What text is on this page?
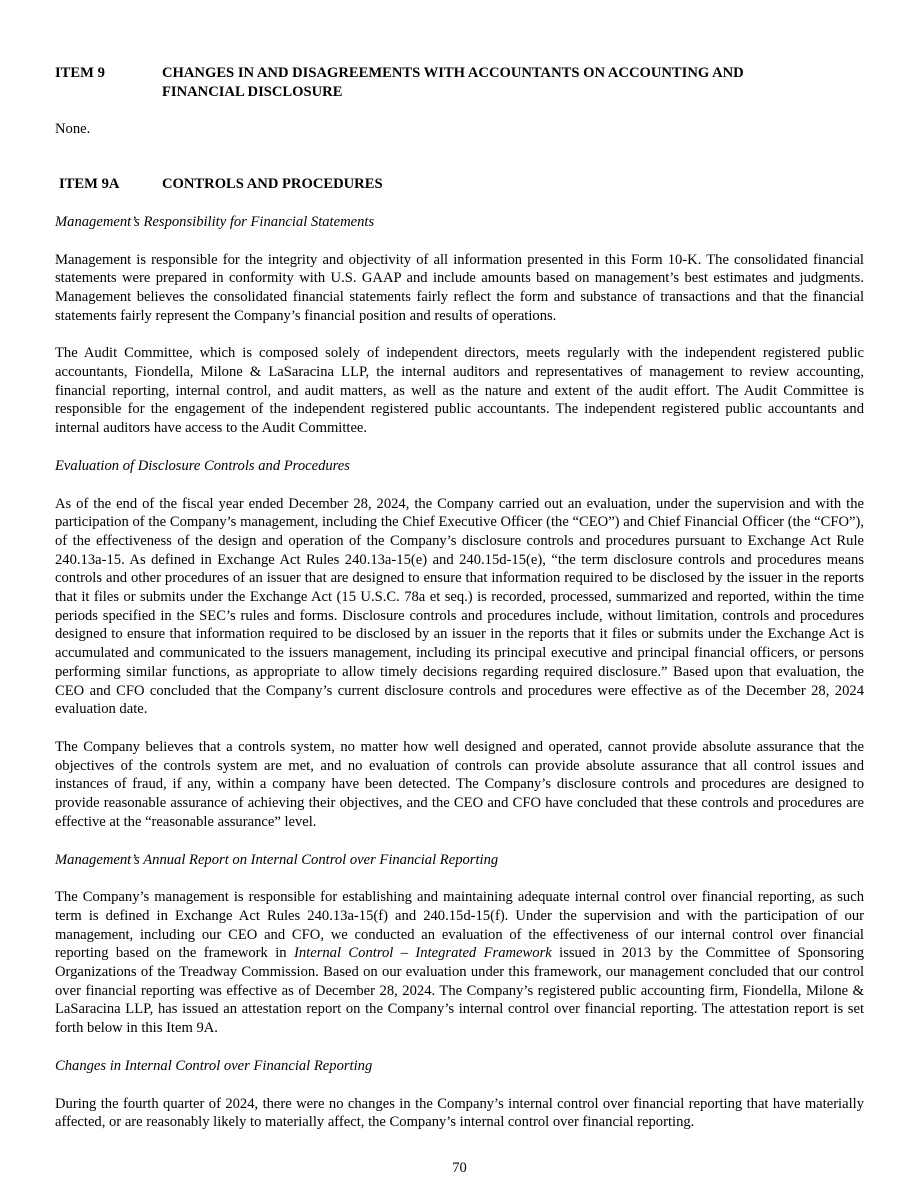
ITEM 9	CHANGES IN AND DISAGREEMENTS WITH ACCOUNTANTS ON ACCOUNTING AND FINANCIAL DISCLOSURE

None.

ITEM 9A	CONTROLS AND PROCEDURES
Management’s Responsibility for Financial Statements

Management is responsible for the integrity and objectivity of all information presented in this Form 10-K. The consolidated financial statements were prepared in conformity with U.S. GAAP and include amounts based on management’s best estimates and judgments. Management believes the consolidated financial statements fairly reflect the form and substance of transactions and that the financial statements fairly represent the Company’s financial position and results of operations.

The Audit Committee, which is composed solely of independent directors, meets regularly with the independent registered public accountants, Fiondella, Milone & LaSaracina LLP, the internal auditors and representatives of management to review accounting, financial reporting, internal control, and audit matters, as well as the nature and extent of the audit effort. The Audit Committee is responsible for the engagement of the independent registered public accountants. The independent registered public accountants and internal auditors have access to the Audit Committee.

Evaluation of Disclosure Controls and Procedures

As of the end of the fiscal year ended December 28, 2024, the Company carried out an evaluation, under the supervision and with the participation of the Company’s management, including the Chief Executive Officer (the “CEO”) and Chief Financial Officer (the “CFO”), of the effectiveness of the design and operation of the Company’s disclosure controls and procedures pursuant to Exchange Act Rule 240.13a-15. As defined in Exchange Act Rules 240.13a-15(e) and 240.15d-15(e), “the term disclosure controls and procedures means controls and other procedures of an issuer that are designed to ensure that information required to be disclosed by the issuer in the reports that it files or submits under the Exchange Act (15 U.S.C. 78a et seq.) is recorded, processed, summarized and reported, within the time periods specified in the SEC’s rules and forms. Disclosure controls and procedures include, without limitation, controls and procedures designed to ensure that information required to be disclosed by an issuer in the reports that it files or submits under the Exchange Act is accumulated and communicated to the issuers management, including its principal executive and principal financial officers, or persons performing similar functions, as appropriate to allow timely decisions regarding required disclosure.” Based upon that evaluation, the CEO and CFO concluded that the Company’s current disclosure controls and procedures were effective as of the December 28, 2024 evaluation date.

The Company believes that a controls system, no matter how well designed and operated, cannot provide absolute assurance that the objectives of the controls system are met, and no evaluation of controls can provide absolute assurance that all control issues and instances of fraud, if any, within a company have been detected. The Company’s disclosure controls and procedures are designed to provide reasonable assurance of achieving their objectives, and the CEO and CFO have concluded that these controls and procedures are effective at the “reasonable assurance” level.

Management’s Annual Report on Internal Control over Financial Reporting

The Company’s management is responsible for establishing and maintaining adequate internal control over financial reporting, as such term is defined in Exchange Act Rules 240.13a-15(f) and 240.15d-15(f). Under the supervision and with the participation of our management, including our CEO and CFO, we conducted an evaluation of the effectiveness of our internal control over financial reporting based on the framework in Internal Control – Integrated Framework issued in 2013 by the Committee of Sponsoring Organizations of the Treadway Commission. Based on our evaluation under this framework, our management concluded that our control over financial reporting was effective as of December 28, 2024. The Company’s registered public accounting firm, Fiondella, Milone & LaSaracina LLP, has issued an attestation report on the Company’s internal control over financial reporting. The attestation report is set forth below in this Item 9A.

Changes in Internal Control over Financial Reporting

During the fourth quarter of 2024, there were no changes in the Company’s internal control over financial reporting that have materially affected, or are reasonably likely to materially affect, the Company’s internal control over financial reporting.

70
